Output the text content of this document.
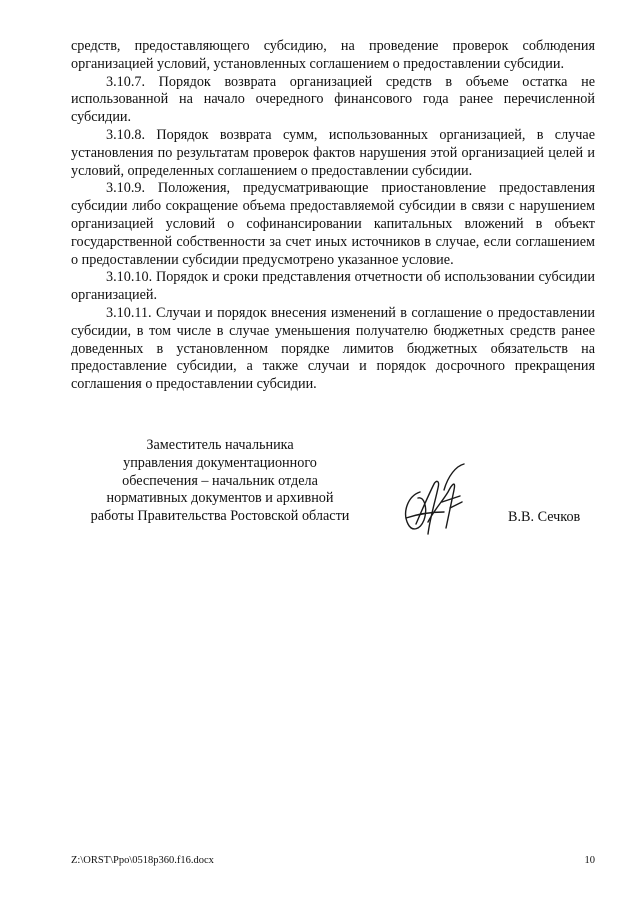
средств, предоставляющего субсидию, на проведение проверок соблюдения организацией условий, установленных соглашением о предоставлении субсидии.

3.10.7. Порядок возврата организацией средств в объеме остатка не использованной на начало очередного финансового года ранее перечисленной субсидии.

3.10.8. Порядок возврата сумм, использованных организацией, в случае установления по результатам проверок фактов нарушения этой организацией целей и условий, определенных соглашением о предоставлении субсидии.

3.10.9. Положения, предусматривающие приостановление предоставления субсидии либо сокращение объема предоставляемой субсидии в связи с нарушением организацией условий о софинансировании капитальных вложений в объект государственной собственности за счет иных источников в случае, если соглашением о предоставлении субсидии предусмотрено указанное условие.

3.10.10. Порядок и сроки представления отчетности об использовании субсидии организацией.

3.10.11. Случаи и порядок внесения изменений в соглашение о предоставлении субсидии, в том числе в случае уменьшения получателю бюджетных средств ранее доведенных в установленном порядке лимитов бюджетных обязательств на предоставление субсидии, а также случаи и порядок досрочного прекращения соглашения о предоставлении субсидии.

Заместитель начальника
управления документационного
обеспечения – начальник отдела
нормативных документов и архивной
работы Правительства Ростовской области	В.В. Сечков
Z:\ORST\Ppo\0518p360.f16.docx	10
